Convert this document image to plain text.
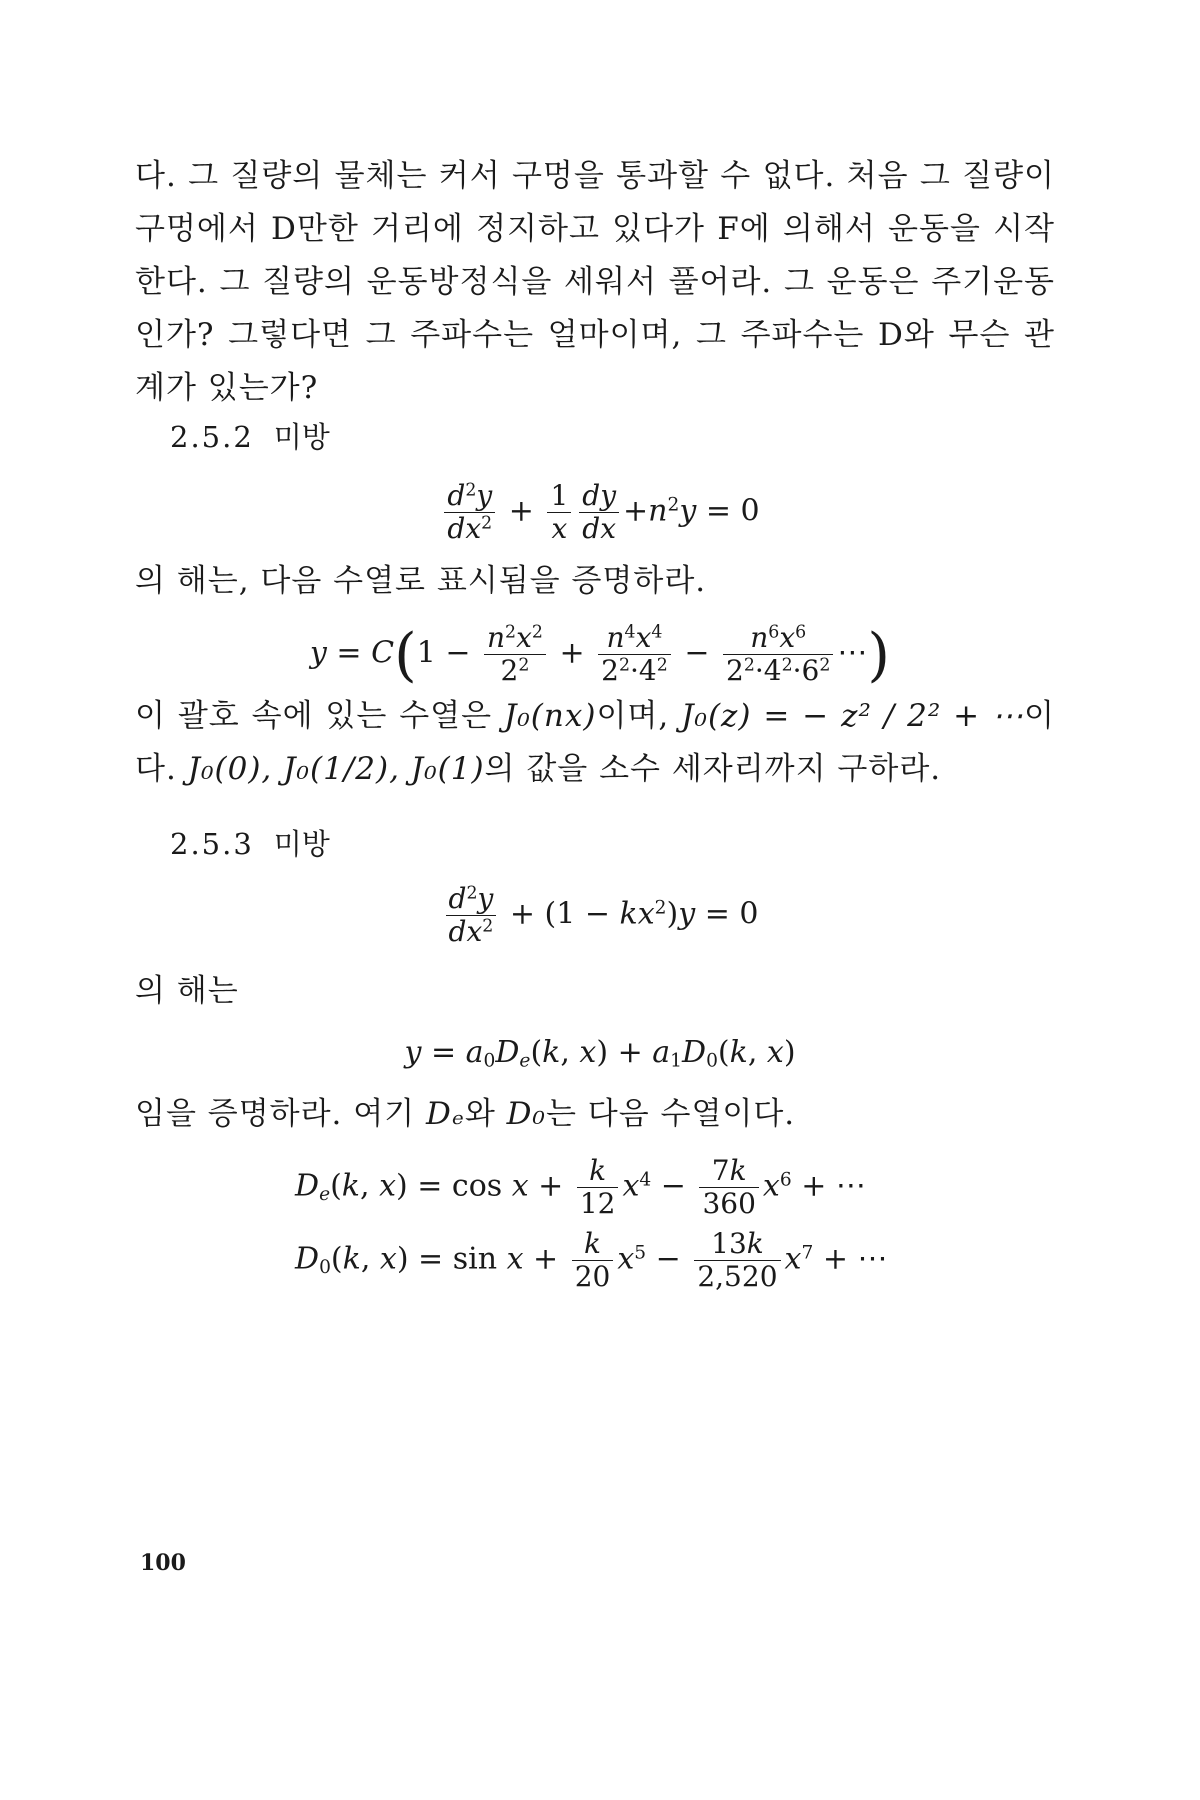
다. 그 질량의 물체는 커서 구멍을 통과할 수 없다. 처음 그 질량이 구멍에서 D만한 거리에 정지하고 있다가 F에 의해서 운동을 시작한다. 그 질량의 운동방정식을 세워서 풀어라. 그 운동은 주기운동인가? 그렇다면 그 주파수는 얼마이며, 그 주파수는 D와 무슨 관계가 있는가?

2.5.2 미방
$\frac{d^2y}{dx^2} + \frac{1}{x} \frac{dy}{dx} +n^2y = 0$

의 해는, 다음 수열로 표시됨을 증명하라.

$y = C(1 - \frac{n^2x^2}{2^2} + \frac{n^4x^4}{2^2\cdot 4^2} - \frac{n^6x^6}{2^2\cdot 4^2\cdot 6^2}$ ⋯)

이 괄호 속에 있는 수열은 J₀(nx)이며, J₀(z) = − z² / 2² + ⋯이다. J₀(0), J₀(1/2), J₀(1)의 값을 소수 세자리까지 구하라.

2.5.3 미방
$\frac{d^2y}{dx^2} + (1 - kx^2)y = 0$

의 해는

$y = a_0D_e(k$, $x) + a_1D_0(k$, x)

임을 증명하라. 여기 Dₑ와 D₀는 다음 수열이다.

$D_e(k$, $x) = \cos x + \frac{k}{12} x^4 - \frac{7k}{360} x^6$ + ⋯
$D_0(k$, $x) = \sin x + \frac{k}{20} x^5 - \frac{13k}{2,520} x^7$ + ⋯
100
